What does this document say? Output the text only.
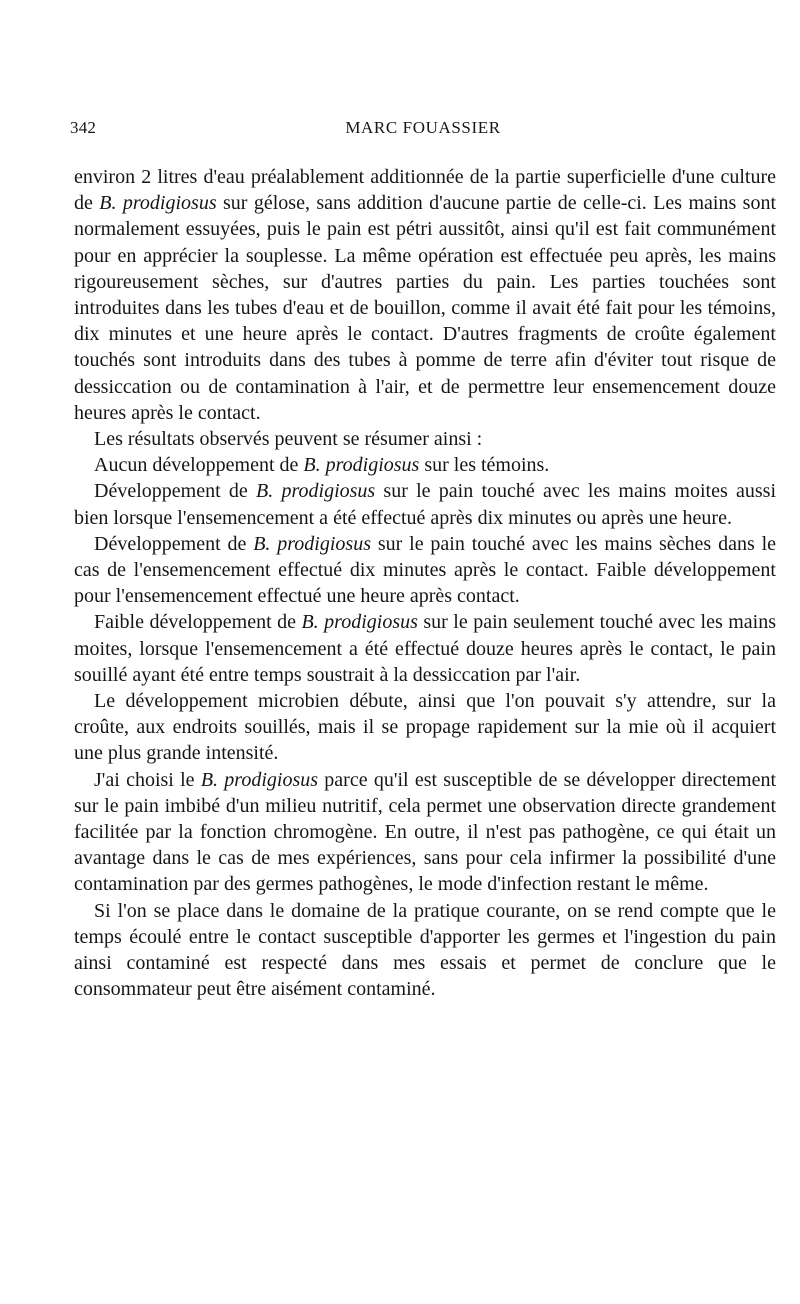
342	MARC FOUASSIER

environ 2 litres d'eau préalablement additionnée de la partie superficielle d'une culture de B. prodigiosus sur gélose, sans addition d'aucune partie de celle-ci. Les mains sont normalement essuyées, puis le pain est pétri aussitôt, ainsi qu'il est fait communément pour en apprécier la souplesse. La même opération est effectuée peu après, les mains rigoureusement sèches, sur d'autres parties du pain. Les parties touchées sont introduites dans les tubes d'eau et de bouillon, comme il avait été fait pour les témoins, dix minutes et une heure après le contact. D'autres fragments de croûte également touchés sont introduits dans des tubes à pomme de terre afin d'éviter tout risque de dessiccation ou de contamination à l'air, et de permettre leur ensemencement douze heures après le contact.

Les résultats observés peuvent se résumer ainsi :

Aucun développement de B. prodigiosus sur les témoins.

Développement de B. prodigiosus sur le pain touché avec les mains moites aussi bien lorsque l'ensemencement a été effectué après dix minutes ou après une heure.

Développement de B. prodigiosus sur le pain touché avec les mains sèches dans le cas de l'ensemencement effectué dix minutes après le contact. Faible développement pour l'ensemencement effectué une heure après contact.

Faible développement de B. prodigiosus sur le pain seulement touché avec les mains moites, lorsque l'ensemencement a été effectué douze heures après le contact, le pain souillé ayant été entre temps soustrait à la dessiccation par l'air.

Le développement microbien débute, ainsi que l'on pouvait s'y attendre, sur la croûte, aux endroits souillés, mais il se propage rapidement sur la mie où il acquiert une plus grande intensité.

J'ai choisi le B. prodigiosus parce qu'il est susceptible de se développer directement sur le pain imbibé d'un milieu nutritif, cela permet une observation directe grandement facilitée par la fonction chromogène. En outre, il n'est pas pathogène, ce qui était un avantage dans le cas de mes expériences, sans pour cela infirmer la possibilité d'une contamination par des germes pathogènes, le mode d'infection restant le même.

Si l'on se place dans le domaine de la pratique courante, on se rend compte que le temps écoulé entre le contact susceptible d'apporter les germes et l'ingestion du pain ainsi contaminé est respecté dans mes essais et permet de conclure que le consommateur peut être aisément contaminé.
